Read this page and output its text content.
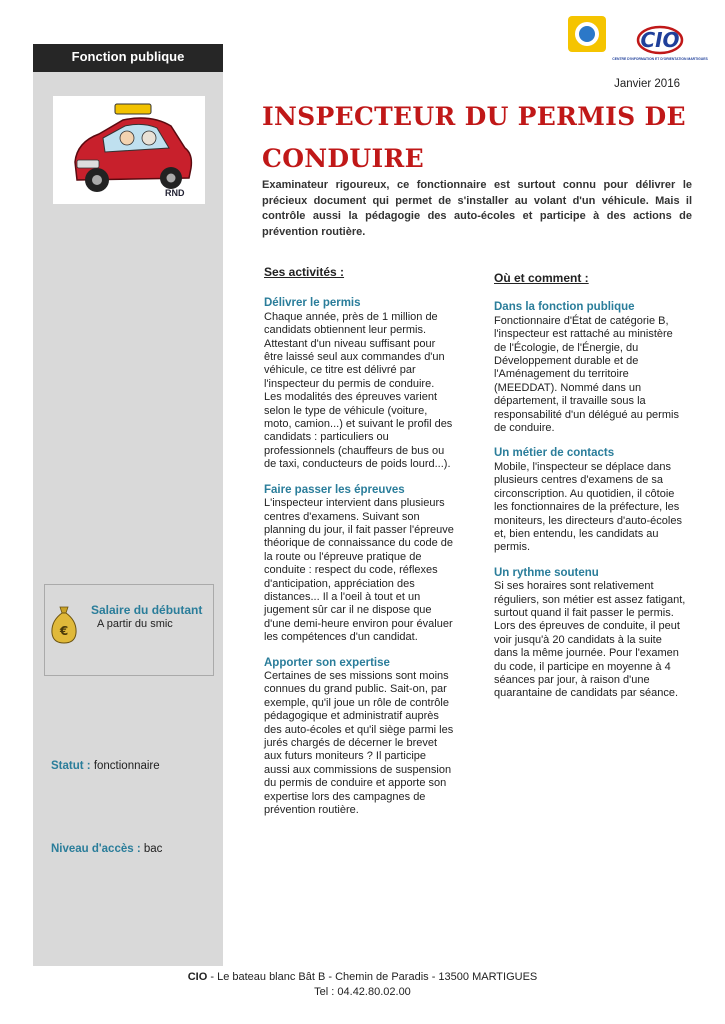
Fonction publique
RND
€
Salaire du débutant
A partir du smic
Statut : fonctionnaire
Niveau d'accès : bac
CIO
CENTRE D'INFORMATION ET D'ORIENTATION MARTIGUES
Janvier 2016
INSPECTEUR DU PERMIS DE CONDUIRE
Examinateur rigoureux, ce fonctionnaire est surtout connu pour délivrer le précieux document qui permet de s'installer au volant d'un véhicule. Mais il contrôle aussi la pédagogie des auto-écoles et participe à des actions de prévention routière.
Ses activités :
Délivrer le permis

Chaque année, près de 1 million de candidats obtiennent leur permis. Attestant d'un niveau suffisant pour être laissé seul aux commandes d'un véhicule, ce titre est délivré par l'inspecteur du permis de conduire. Les modalités des épreuves varient selon le type de véhicule (voiture, moto, camion...) et suivant le profil des candidats : particuliers ou professionnels (chauffeurs de bus ou de taxi, conducteurs de poids lourd...).

Faire passer les épreuves

L'inspecteur intervient dans plusieurs centres d'examens. Suivant son planning du jour, il fait passer l'épreuve théorique de connaissance du code de la route ou l'épreuve pratique de conduite : respect du code, réflexes d'anticipation, appréciation des distances... Il a l'oeil à tout et un jugement sûr car il ne dispose que d'une demi-heure environ pour évaluer les compétences d'un candidat.

Apporter son expertise

Certaines de ses missions sont moins connues du grand public. Sait-on, par exemple, qu'il joue un rôle de contrôle pédagogique et administratif auprès des auto-écoles et qu'il siège parmi les jurés chargés de décerner le brevet aux futurs moniteurs ? Il participe aussi aux commissions de suspension du permis de conduire et apporte son expertise lors des campagnes de prévention routière.

Où et comment :
Dans la fonction publique

Fonctionnaire d'État de catégorie B, l'inspecteur est rattaché au ministère de l'Écologie, de l'Énergie, du Développement durable et de l'Aménagement du territoire (MEEDDAT). Nommé dans un département, il travaille sous la responsabilité d'un délégué au permis de conduire.

Un métier de contacts

Mobile, l'inspecteur se déplace dans plusieurs centres d'examens de sa circonscription. Au quotidien, il côtoie les fonctionnaires de la préfecture, les moniteurs, les directeurs d'auto-écoles et, bien entendu, les candidats au permis.

Un rythme soutenu

Si ses horaires sont relativement réguliers, son métier est assez fatigant, surtout quand il fait passer le permis. Lors des épreuves de conduite, il peut voir jusqu'à 20 candidats à la suite dans la même journée. Pour l'examen du code, il participe en moyenne à 4 séances par jour, à raison d'une quarantaine de candidats par séance.

CIO - Le bateau blanc Bât B - Chemin de Paradis - 13500 MARTIGUES
Tel : 04.42.80.02.00
